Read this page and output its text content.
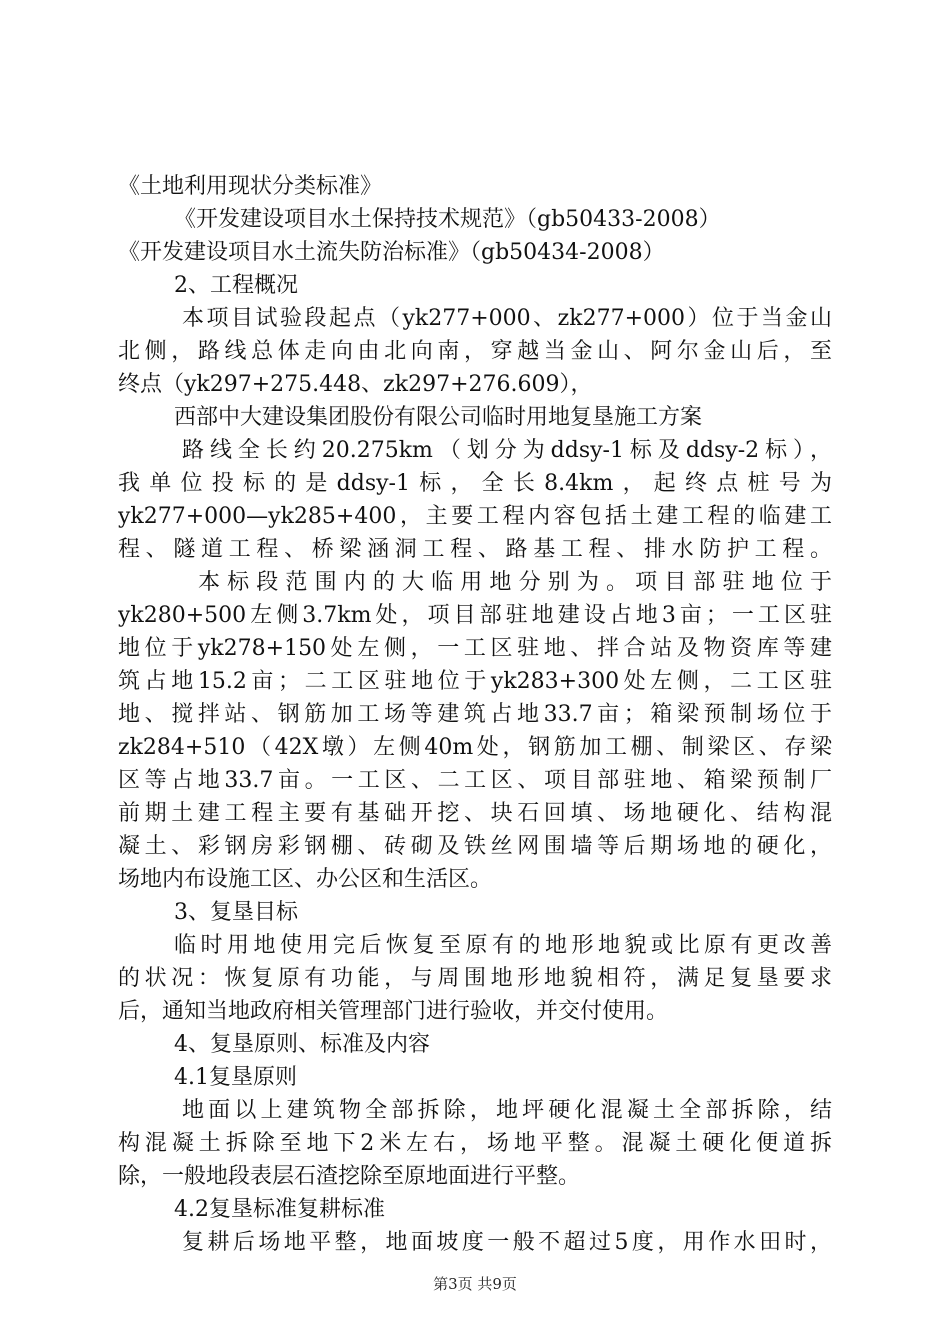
《土地利用现状分类标准》
《开发建设项目水土保持技术规范》（gb50433-2008）
《开发建设项目水土流失防治标准》（gb50434-2008）
2、工程概况
本项目试验段起点（yk277+000、zk277+000）位于当金山
北侧，路线总体走向由北向南，穿越当金山、阿尔金山后，至
终点（yk297+275.448、zk297+276.609），
西部中大建设集团股份有限公司临时用地复垦施工方案
路线全长约20.275km（划分为ddsy-1标及ddsy-2标），
我单位投标的是ddsy-1标，全长8.4km，起终点桩号为
yk277+000—yk285+400，主要工程内容包括土建工程的临建工
程、隧道工程、桥梁涵洞工程、路基工程、排水防护工程。
本标段范围内的大临用地分别为。项目部驻地位于
yk280+500左侧3.7km处，项目部驻地建设占地3亩；一工区驻
地位于yk278+150处左侧，一工区驻地、拌合站及物资库等建
筑占地15.2亩；二工区驻地位于yk283+300处左侧，二工区驻
地、搅拌站、钢筋加工场等建筑占地33.7亩；箱梁预制场位于
zk284+510（42X墩）左侧40m处，钢筋加工棚、制梁区、存梁
区等占地33.7亩。一工区、二工区、项目部驻地、箱梁预制厂
前期土建工程主要有基础开挖、块石回填、场地硬化、结构混
凝土、彩钢房彩钢棚、砖砌及铁丝网围墙等后期场地的硬化，
场地内布设施工区、办公区和生活区。
3、复垦目标
临时用地使用完后恢复至原有的地形地貌或比原有更改善
的状况：恢复原有功能，与周围地形地貌相符，满足复垦要求
后，通知当地政府相关管理部门进行验收，并交付使用。
4、复垦原则、标准及内容
4.1复垦原则
地面以上建筑物全部拆除，地坪硬化混凝土全部拆除，结
构混凝土拆除至地下2米左右，场地平整。混凝土硬化便道拆
除，一般地段表层石渣挖除至原地面进行平整。
4.2复垦标准复耕标准
复耕后场地平整，地面坡度一般不超过5度，用作水田时，
第3页 共9页
